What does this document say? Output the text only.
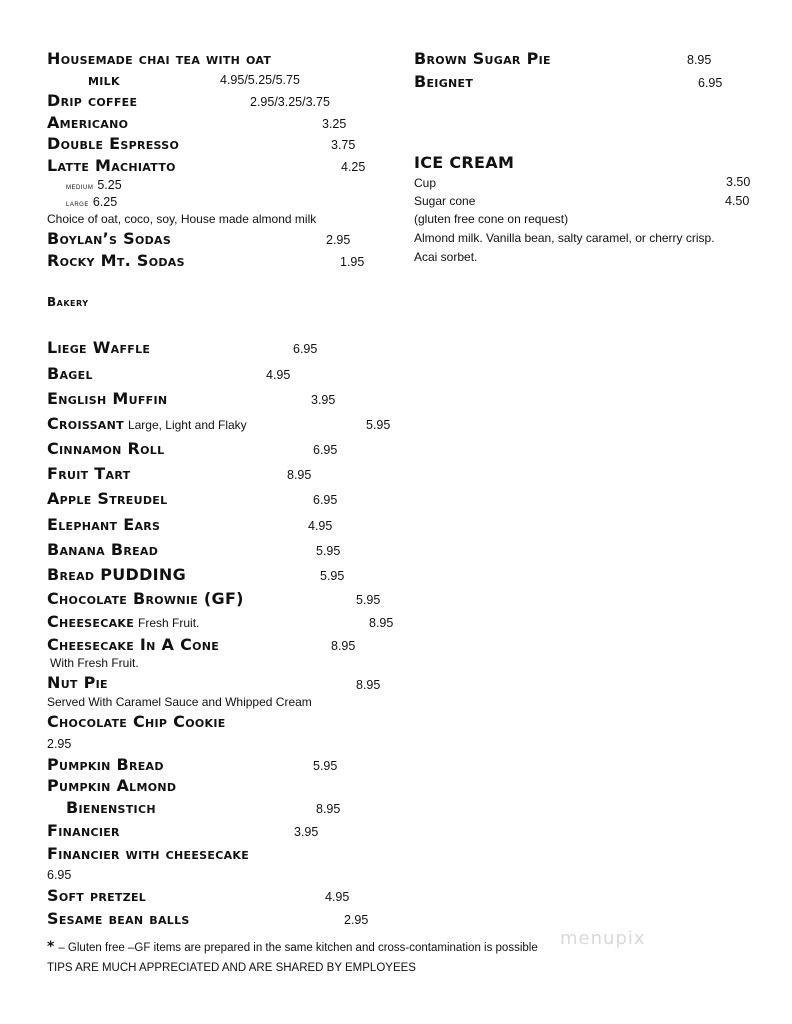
Housemade chai tea with oat
milk	4.95/5.25/5.75
Drip coffee	2.95/3.25/3.75
Americano	3.25
Double Espresso	3.75
Latte Machiatto	4.25
medium 5.25
large 6.25
Choice of oat, coco, soy, House made almond milk
Boylan’s Sodas	2.95
Rocky Mt. Sodas	1.95
Bakery
Liege Waffle	6.95
Bagel	4.95
English Muffin	3.95
Croissant Large, Light and Flaky	5.95
Cinnamon Roll	6.95
Fruit Tart	8.95
Apple Streudel	6.95
Elephant Ears	4.95
Banana Bread	5.95
Bread PUDDING	5.95
Chocolate Brownie (GF)	5.95
Cheesecake Fresh Fruit.	8.95
Cheesecake In A Cone	8.95
With Fresh Fruit.
Nut Pie	8.95
Served With Caramel Sauce and Whipped Cream
Chocolate Chip Cookie
2.95
Pumpkin Bread	5.95
Pumpkin Almond
Bienenstich	8.95
Financier	3.95
Financier with cheesecake
6.95
Soft pretzel	4.95
Sesame bean balls	2.95
Brown Sugar Pie	8.95
Beignet	6.95
ICE CREAM
Cup	3.50
Sugar cone	4.50
(gluten free cone on request)
Almond milk. Vanilla bean, salty caramel, or cherry crisp.
Acai sorbet.
* – Gluten free –GF items are prepared in the same kitchen and cross-contamination is possible
TIPS ARE MUCH APPRECIATED AND ARE SHARED BY EMPLOYEES
menupix
